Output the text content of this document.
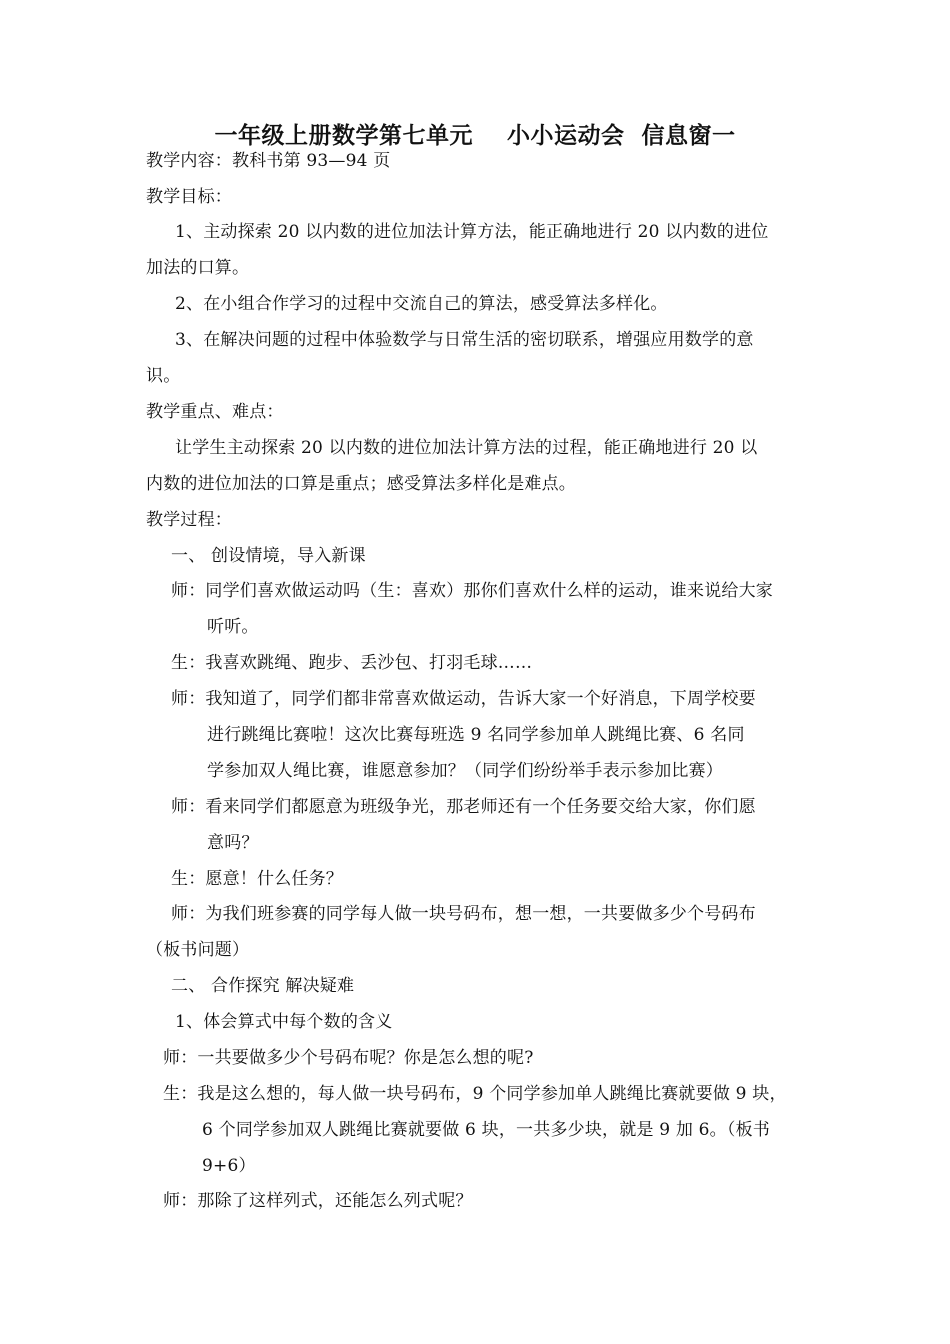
一年级上册数学第七单元    小小运动会  信息窗一
教学内容：教科书第 93—94 页
教学目标：
1、主动探索 20 以内数的进位加法计算方法，能正确地进行 20 以内数的进位
加法的口算。
2、在小组合作学习的过程中交流自己的算法，感受算法多样化。
3、在解决问题的过程中体验数学与日常生活的密切联系，增强应用数学的意
识。
教学重点、难点：
让学生主动探索 20 以内数的进位加法计算方法的过程，能正确地进行 20 以
内数的进位加法的口算是重点；感受算法多样化是难点。
教学过程：
一、 创设情境，导入新课
师：同学们喜欢做运动吗（生：喜欢）那你们喜欢什么样的运动，谁来说给大家
听听。
生：我喜欢跳绳、跑步、丢沙包、打羽毛球……
师：我知道了，同学们都非常喜欢做运动，告诉大家一个好消息，下周学校要
进行跳绳比赛啦！这次比赛每班选 9 名同学参加单人跳绳比赛、6 名同
学参加双人绳比赛，谁愿意参加？（同学们纷纷举手表示参加比赛）
师：看来同学们都愿意为班级争光，那老师还有一个任务要交给大家，你们愿
意吗？
生：愿意！什么任务？
师：为我们班参赛的同学每人做一块号码布，想一想，一共要做多少个号码布
（板书问题）
二、 合作探究 解决疑难
1、体会算式中每个数的含义
师：一共要做多少个号码布呢？你是怎么想的呢?
生：我是这么想的，每人做一块号码布，9 个同学参加单人跳绳比赛就要做 9 块，
6 个同学参加双人跳绳比赛就要做 6 块，一共多少块，就是 9 加 6。（板书
9+6）
师：那除了这样列式，还能怎么列式呢？
